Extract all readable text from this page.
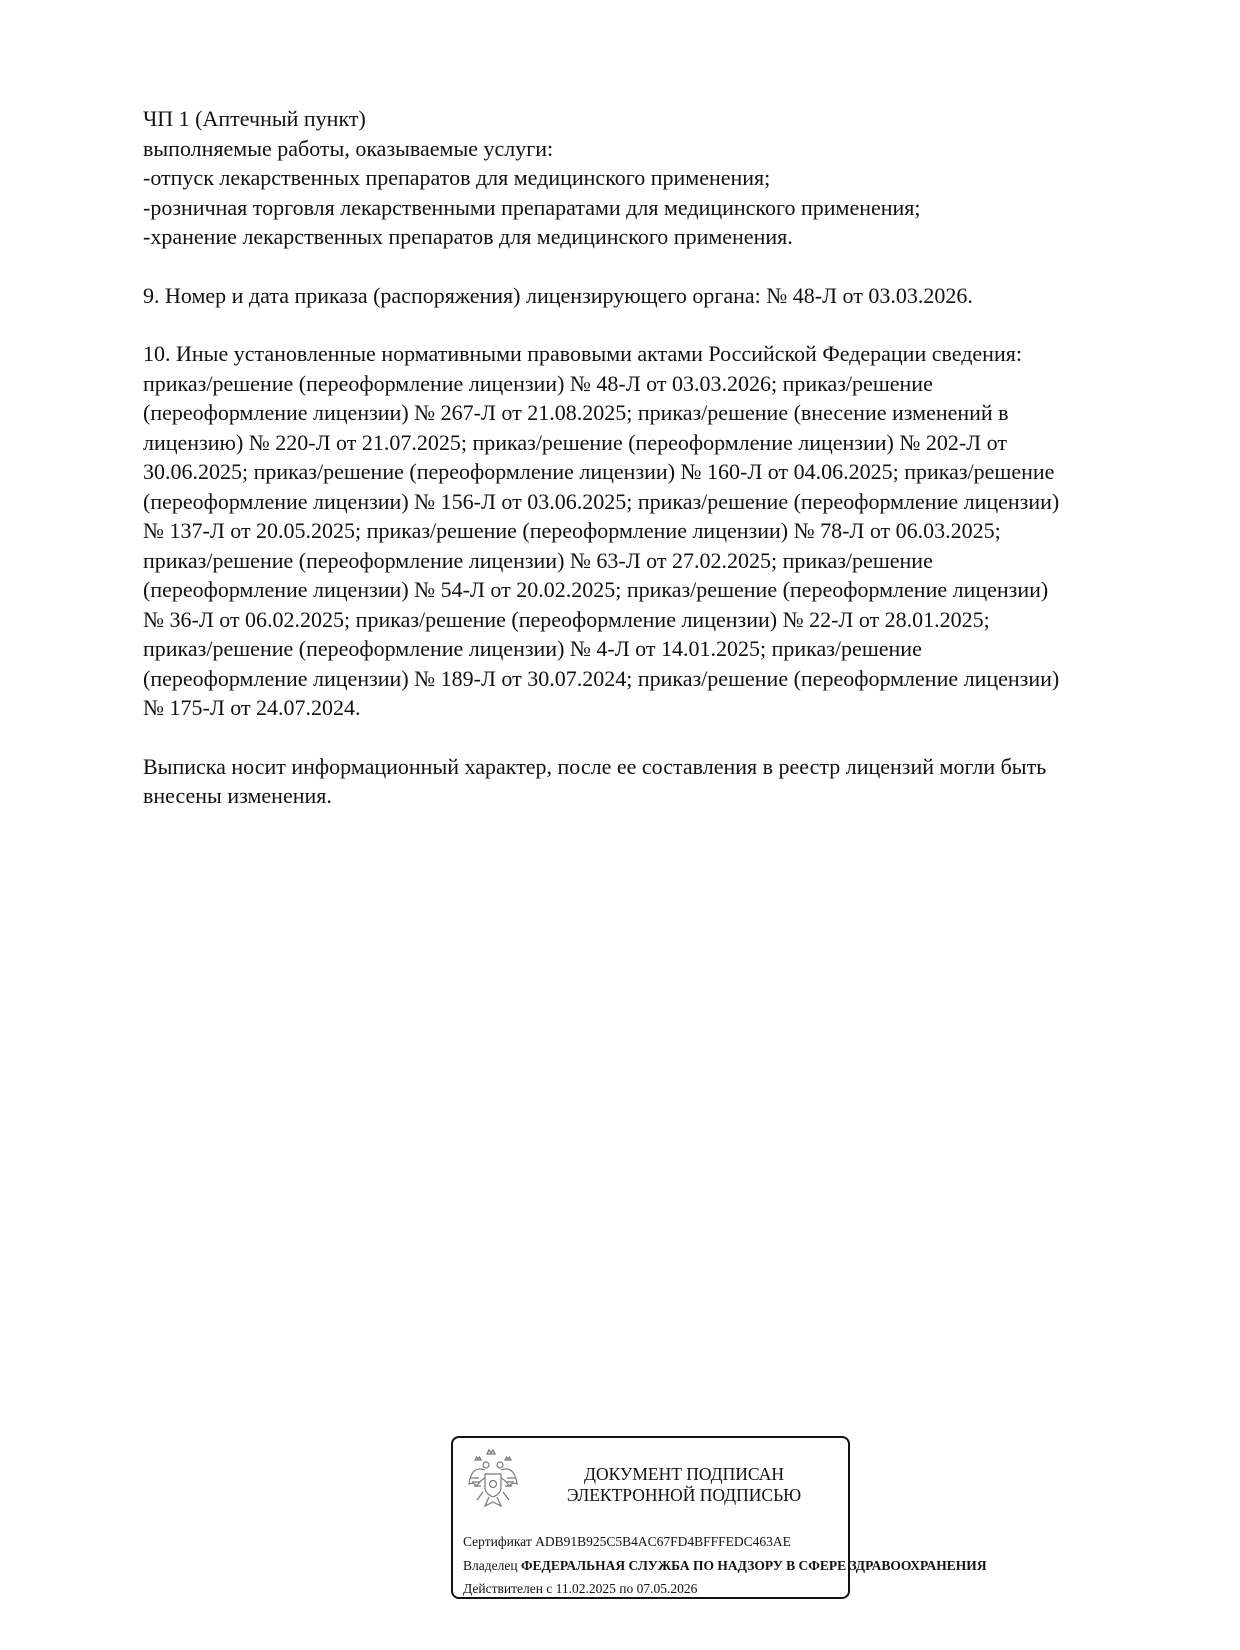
ЧП 1 (Аптечный пункт)

выполняемые работы, оказываемые услуги:

-отпуск лекарственных препаратов для медицинского применения;

-розничная торговля лекарственными препаратами для медицинского применения;

-хранение лекарственных препаратов для медицинского применения.

9. Номер и дата приказа (распоряжения) лицензирующего органа: № 48-Л от 03.03.2026.

10. Иные установленные нормативными правовыми актами Российской Федерации сведения:

приказ/решение (переоформление лицензии) № 48-Л от 03.03.2026; приказ/решение

(переоформление лицензии) № 267-Л от 21.08.2025; приказ/решение (внесение изменений в

лицензию) № 220-Л от 21.07.2025; приказ/решение (переоформление лицензии) № 202-Л от

30.06.2025; приказ/решение (переоформление лицензии) № 160-Л от 04.06.2025; приказ/решение

(переоформление лицензии) № 156-Л от 03.06.2025; приказ/решение (переоформление лицензии)

№ 137-Л от 20.05.2025; приказ/решение (переоформление лицензии) № 78-Л от 06.03.2025;

приказ/решение (переоформление лицензии) № 63-Л от 27.02.2025; приказ/решение

(переоформление лицензии) № 54-Л от 20.02.2025; приказ/решение (переоформление лицензии)

№ 36-Л от 06.02.2025; приказ/решение (переоформление лицензии) № 22-Л от 28.01.2025;

приказ/решение (переоформление лицензии) № 4-Л от 14.01.2025; приказ/решение

(переоформление лицензии) № 189-Л от 30.07.2024; приказ/решение (переоформление лицензии)

№ 175-Л от 24.07.2024.

Выписка носит информационный характер, после ее составления в реестр лицензий могли быть

внесены изменения.

ДОКУМЕНТ ПОДПИСАН
ЭЛЕКТРОННОЙ ПОДПИСЬЮ
Сертификат ADB91B925C5B4AC67FD4BFFFEDC463AE
Владелец ФЕДЕРАЛЬНАЯ СЛУЖБА ПО НАДЗОРУ В СФЕРЕ ЗДРАВООХРАНЕНИЯ
Действителен с 11.02.2025 по 07.05.2026
